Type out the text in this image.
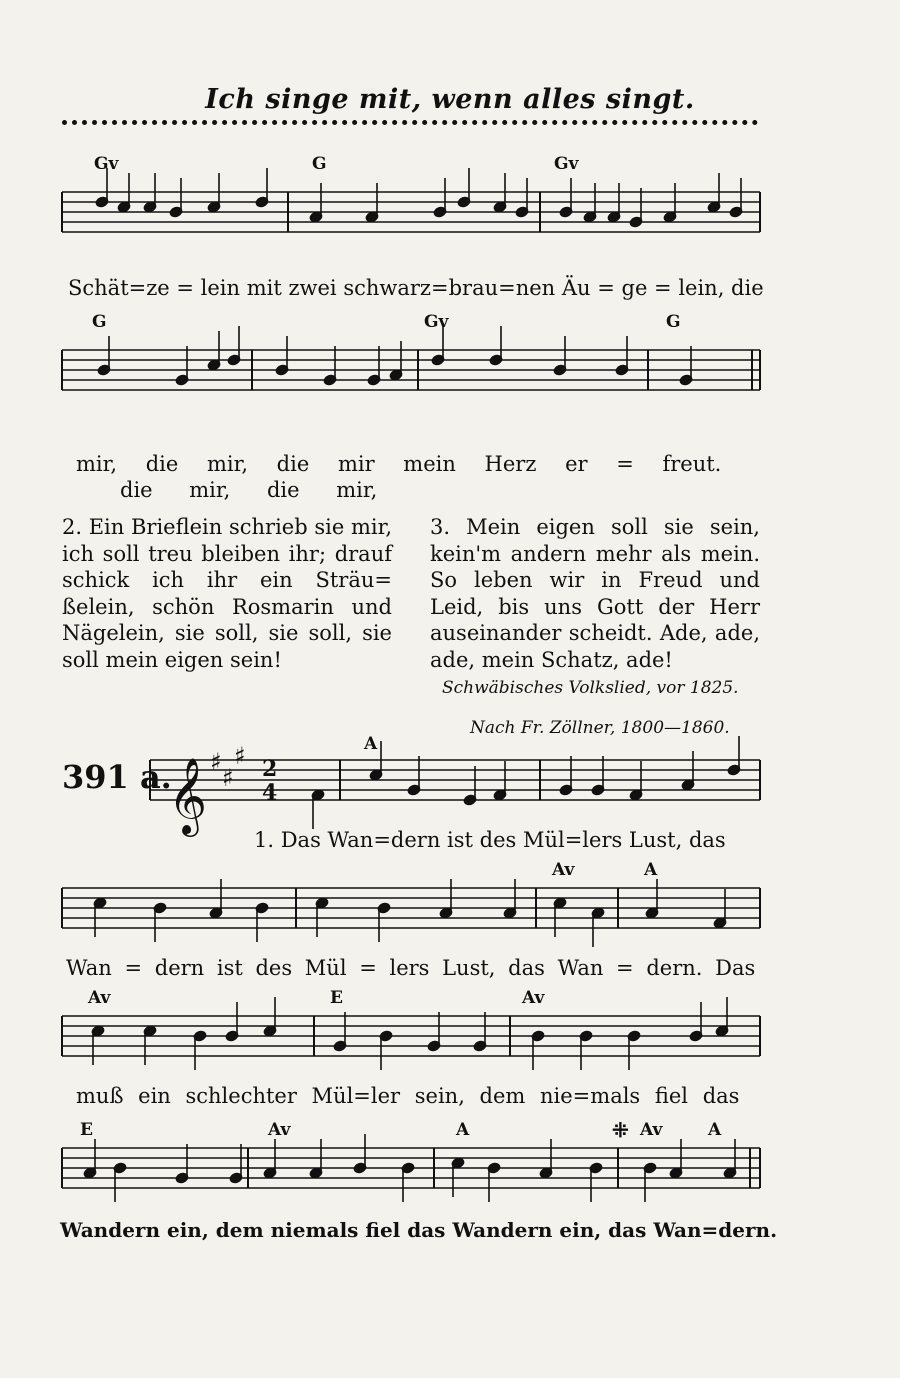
Ich singe mit, wenn alles singt.
Gv	G	Gv
Schät=ze = lein mit zwei schwarz=brau=nen Äu = ge = lein, die
G	Gv	G
mir, die mir, die mir mein Herz er = freut.
die mir, die mir,
2. Ein Brieflein schrieb sie mir, ich soll treu bleiben ihr; drauf schick ich ihr ein Sträu= ßelein, schön Rosmarin und Nägelein, sie soll, sie soll, sie soll mein eigen sein!
3. Mein eigen soll sie sein, kein'm andern mehr als mein. So leben wir in Freud und Leid, bis uns Gott der Herr auseinander scheidt. Ade, ade, ade, mein Schatz, ade!
Schwäbisches Volkslied, vor 1825.
Nach Fr. Zöllner, 1800—1860.
391 a.
A
1. Das Wan=dern ist des Mül=lers Lust, das
Av	A
Wan = dern ist des Mül = lers Lust, das Wan = dern. Das
Av	E	Av
muß ein schlechter Mül=ler sein, dem nie=mals fiel das
E	Av	A	⁜ Av	A
Wandern ein, dem niemals fiel das Wandern ein, das Wan=dern.
𝄞 ♯
♯
♯ 2
4
